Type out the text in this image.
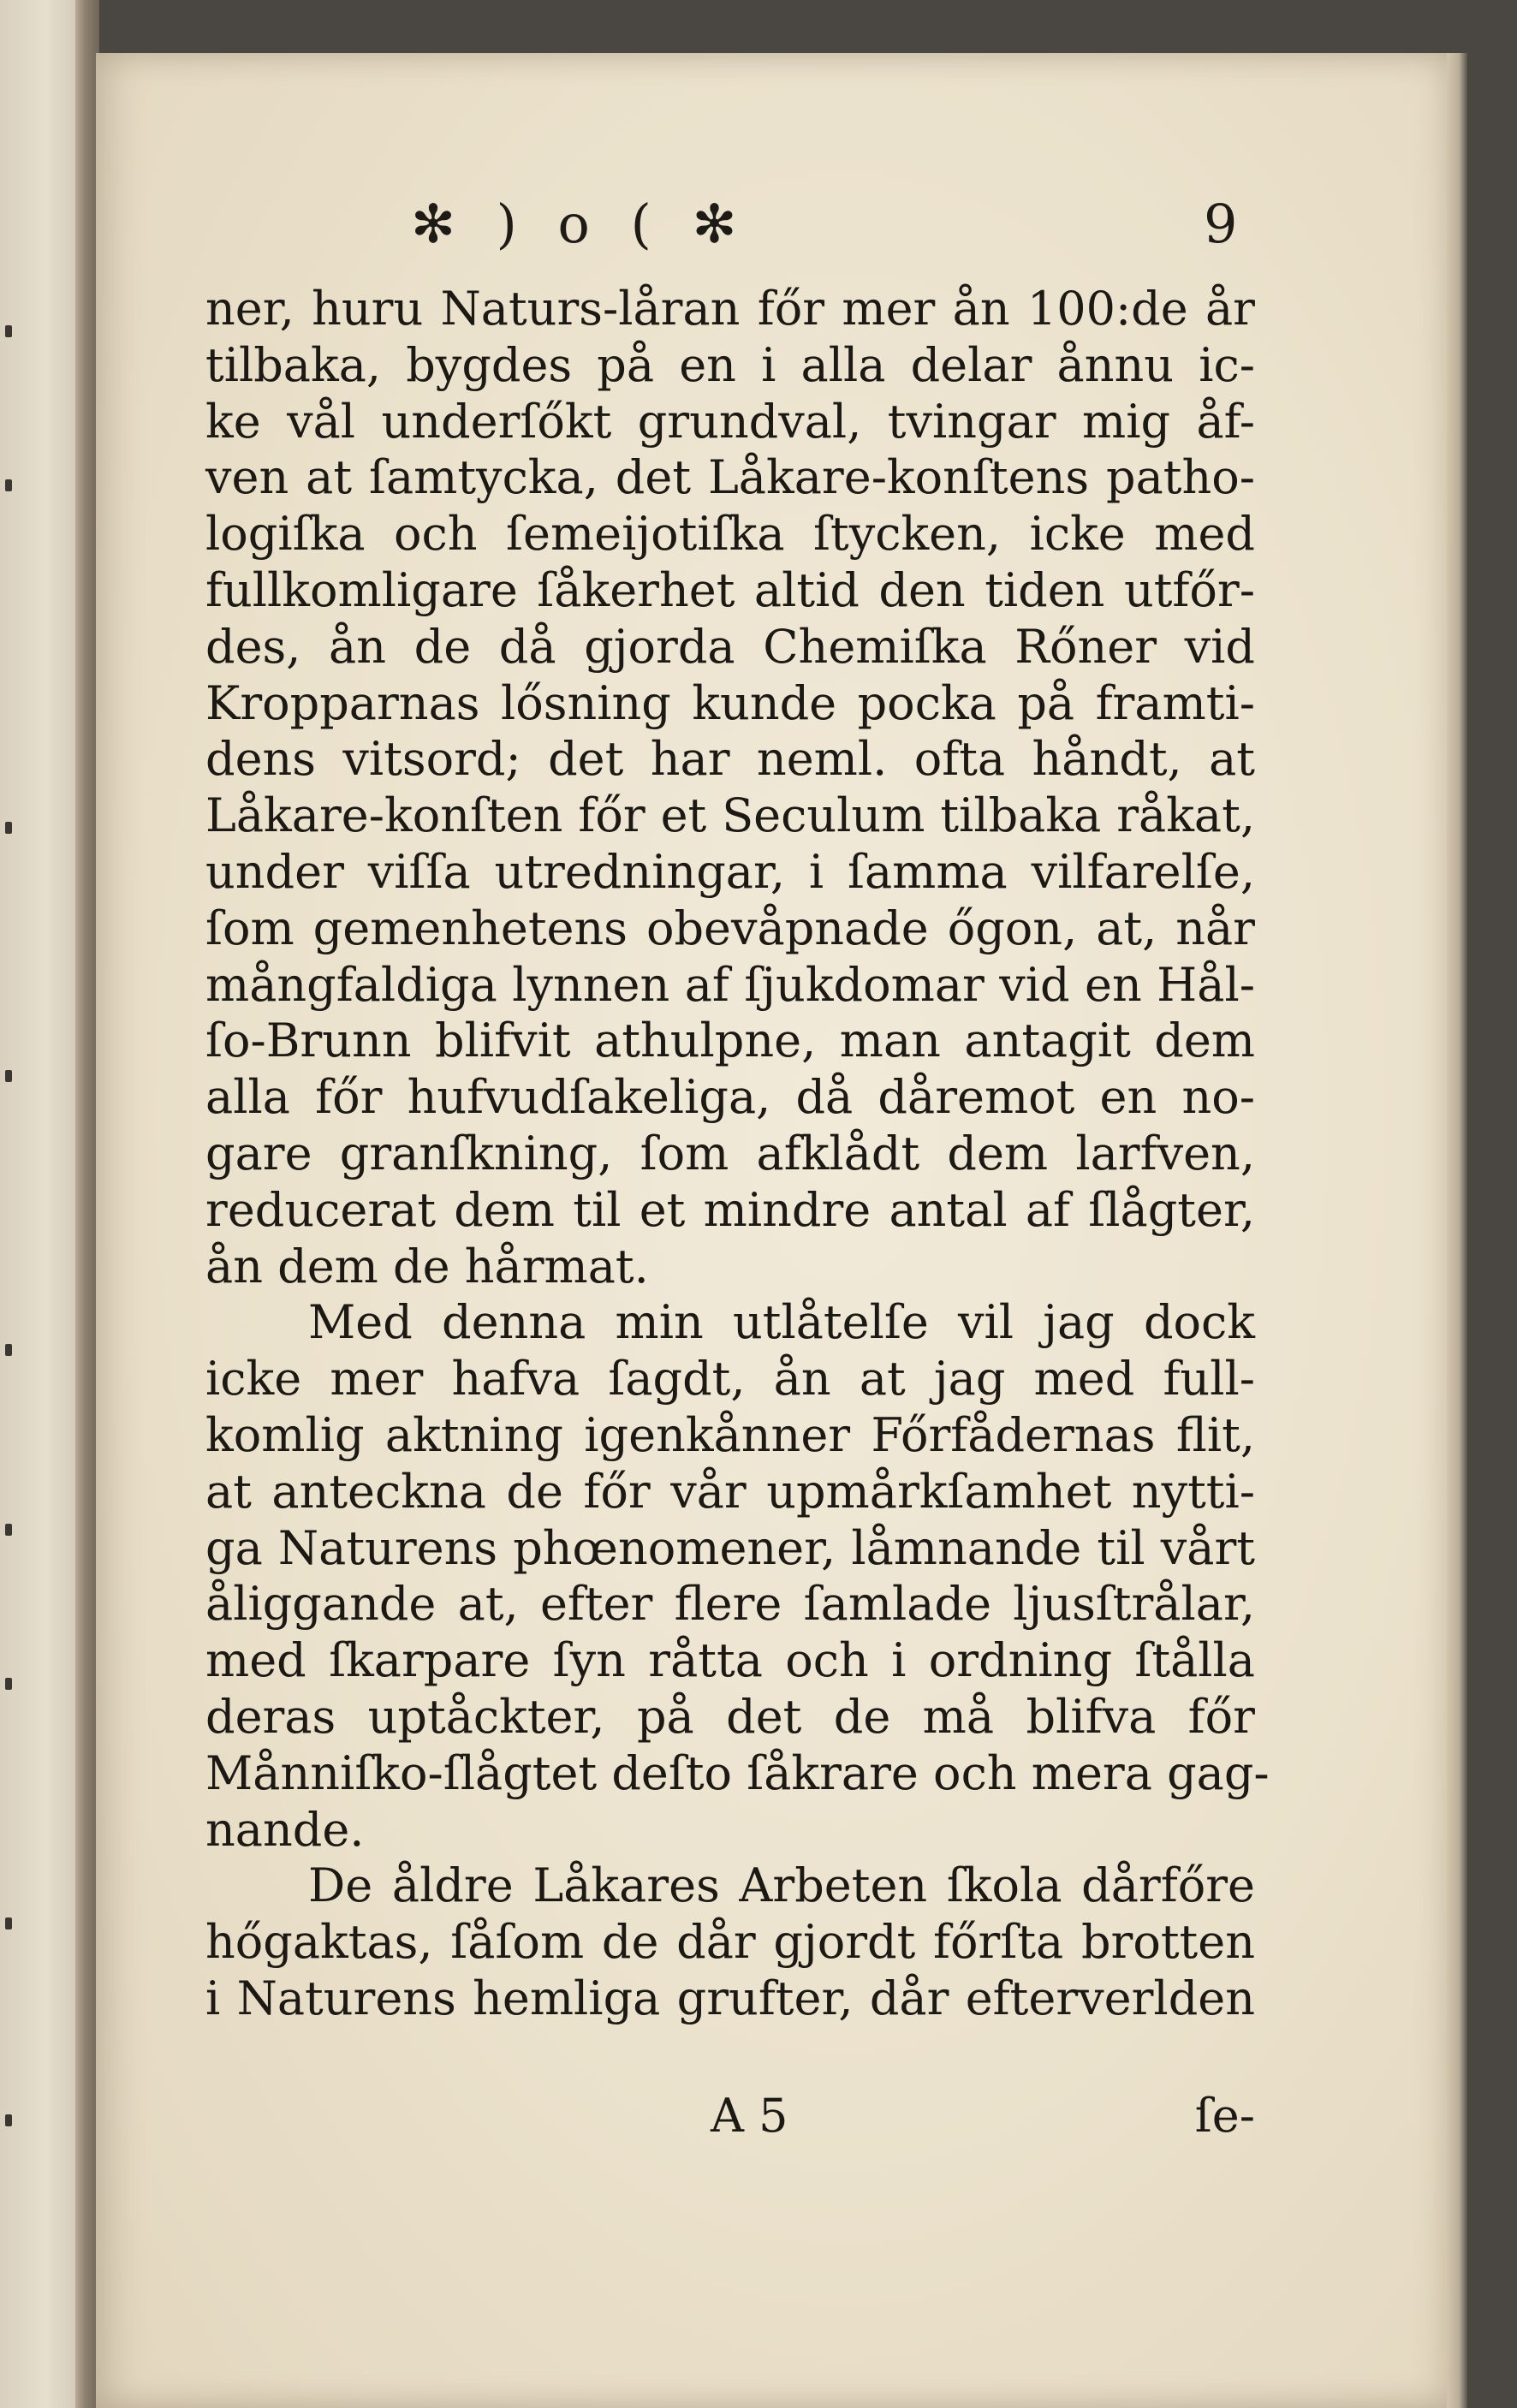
✻ ) o ( ✻	9
ner, huru Naturs-låran főr mer ån 100:de år
tilbaka, bygdes på en i alla delar ånnu ic-
ke vål underſőkt grundval, tvingar mig åf-
ven at ſamtycka, det Låkare-konſtens patho-
logiſka och ſemeijotiſka ſtycken, icke med
fullkomligare ſåkerhet altid den tiden utfőr-
des, ån de då gjorda Chemiſka Rőner vid
Kropparnas lősning kunde pocka på framti-
dens vitsord; det har neml. ofta håndt, at
Låkare-konſten főr et Seculum tilbaka råkat,
under viſſa utredningar, i ſamma vilfarelſe,
ſom gemenhetens obevåpnade őgon, at, når
mångfaldiga lynnen af ſjukdomar vid en Hål-
ſo-Brunn blifvit athulpne, man antagit dem
alla főr hufvudſakeliga, då dåremot en no-
gare granſkning, ſom afklådt dem larfven,
reducerat dem til et mindre antal af ſlågter,
ån dem de hårmat.
Med denna min utlåtelſe vil jag dock
icke mer hafva ſagdt, ån at jag med full-
komlig aktning igenkånner Főrfådernas flit,
at anteckna de főr vår upmårkſamhet nytti-
ga Naturens phœnomener, låmnande til vårt
åliggande at, efter flere ſamlade ljusſtrålar,
med ſkarpare ſyn råtta och i ordning ſtålla
deras uptåckter, på det de må blifva főr
Månniſko-ſlågtet deſto ſåkrare och mera gag-
nande.
De åldre Låkares Arbeten ſkola dårfőre
hőgaktas, ſåſom de dår gjordt főrſta brotten
i Naturens hemliga grufter, dår efterverlden
A 5	ſe-
